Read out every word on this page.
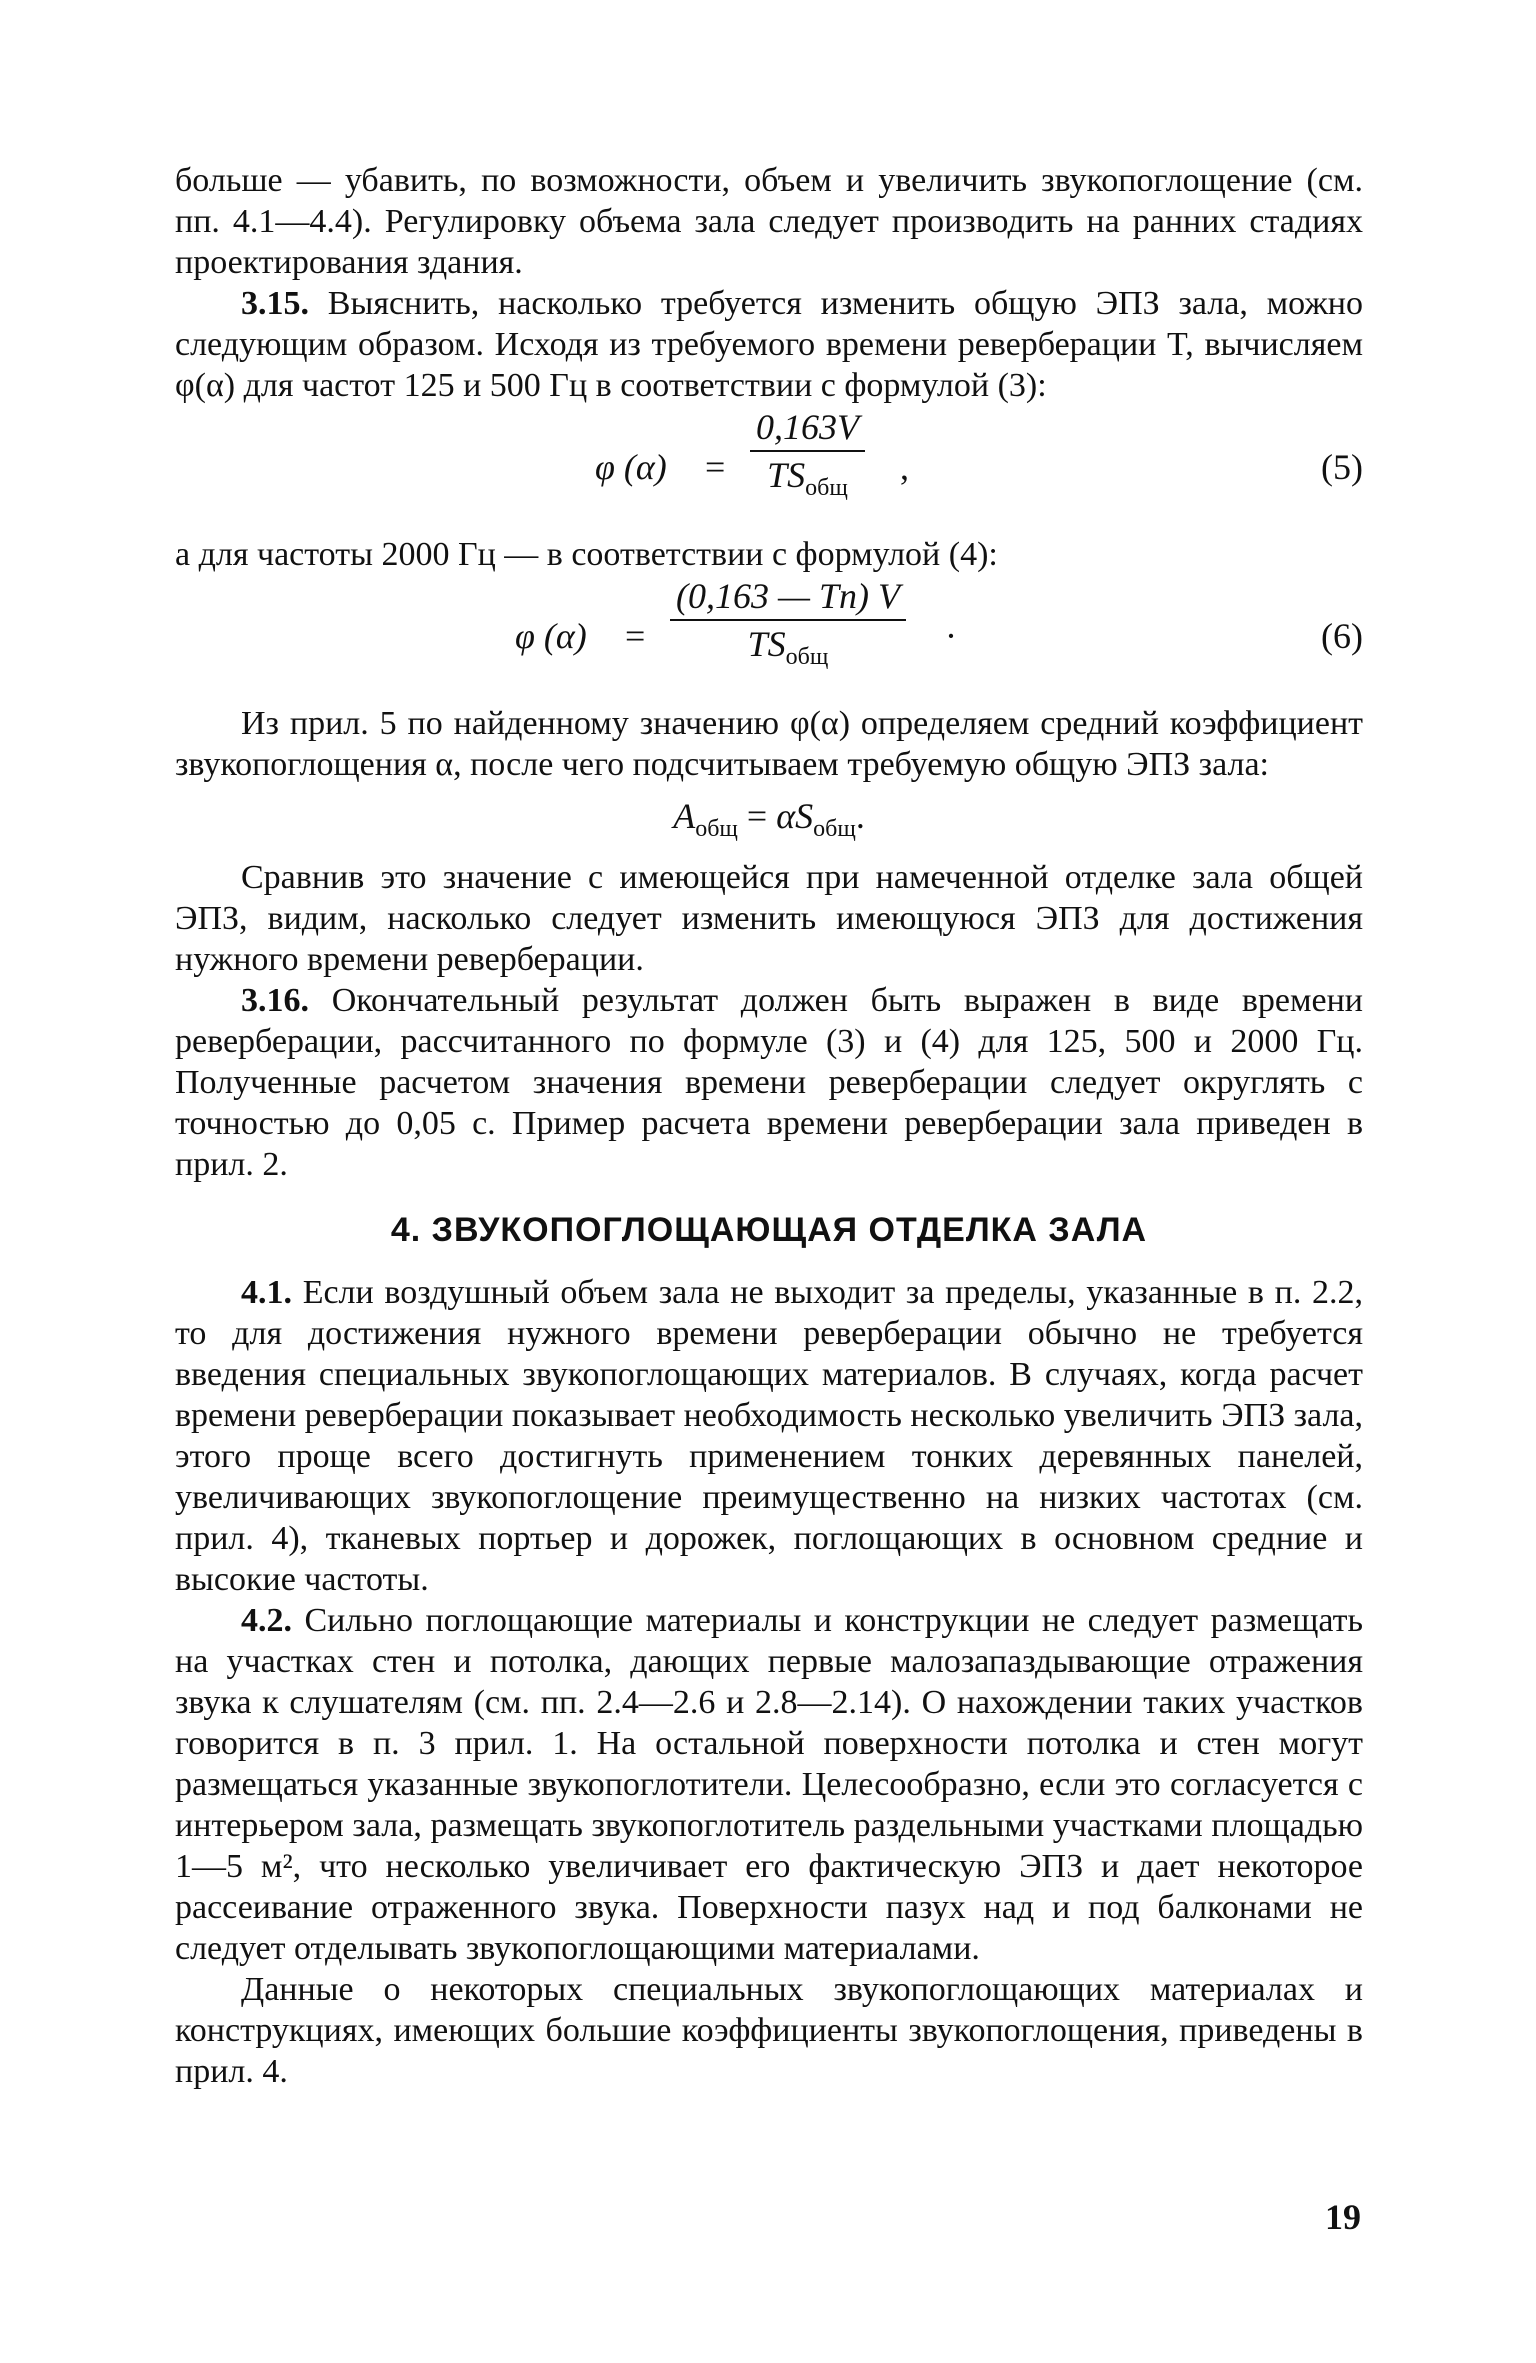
больше — убавить, по возможности, объем и увеличить звукопоглощение (см. пп. 4.1—4.4). Регулировку объема зала следует производить на ранних стадиях проектирования здания.

3.15. Выяснить, насколько требуется изменить общую ЭПЗ зала, можно следующим образом. Исходя из требуемого времени реверберации T, вычисляем φ(α) для частот 125 и 500 Гц в соответствии с формулой (3):

φ (α) =
0,163V
$TS_{общ}$
,	(5)

а для частоты 2000 Гц — в соответствии с формулой (4):

φ (α) =
(0,163 — Tn) V
$TS_{общ}$
·	(6)

Из прил. 5 по найденному значению φ(α) определяем средний коэффициент звукопоглощения α, после чего подсчитываем требуемую общую ЭПЗ зала:

$A_{общ} = \alpha S_{общ}$.

Сравнив это значение с имеющейся при намеченной отделке зала общей ЭПЗ, видим, насколько следует изменить имеющуюся ЭПЗ для достижения нужного времени реверберации.

3.16. Окончательный результат должен быть выражен в виде времени реверберации, рассчитанного по формуле (3) и (4) для 125, 500 и 2000 Гц. Полученные расчетом значения времени реверберации следует округлять с точностью до 0,05 с. Пример расчета времени реверберации зала приведен в прил. 2.

4. ЗВУКОПОГЛОЩАЮЩАЯ ОТДЕЛКА ЗАЛА

4.1. Если воздушный объем зала не выходит за пределы, указанные в п. 2.2, то для достижения нужного времени реверберации обычно не требуется введения специальных звукопоглощающих материалов. В случаях, когда расчет времени реверберации показывает необходимость несколько увеличить ЭПЗ зала, этого проще всего достигнуть применением тонких деревянных панелей, увеличивающих звукопоглощение преимущественно на низких частотах (см. прил. 4), тканевых портьер и дорожек, поглощающих в основном средние и высокие частоты.

4.2. Сильно поглощающие материалы и конструкции не следует размещать на участках стен и потолка, дающих первые малозапаздывающие отражения звука к слушателям (см. пп. 2.4—2.6 и 2.8—2.14). О нахождении таких участков говорится в п. 3 прил. 1. На остальной поверхности потолка и стен могут размещаться указанные звукопоглотители. Целесообразно, если это согласуется с интерьером зала, размещать звукопоглотитель раздельными участками площадью 1—5 м², что несколько увеличивает его фактическую ЭПЗ и дает некоторое рассеивание отраженного звука. Поверхности пазух над и под балконами не следует отделывать звукопоглощающими материалами.

Данные о некоторых специальных звукопоглощающих материалах и конструкциях, имеющих большие коэффициенты звукопоглощения, приведены в прил. 4.

19
